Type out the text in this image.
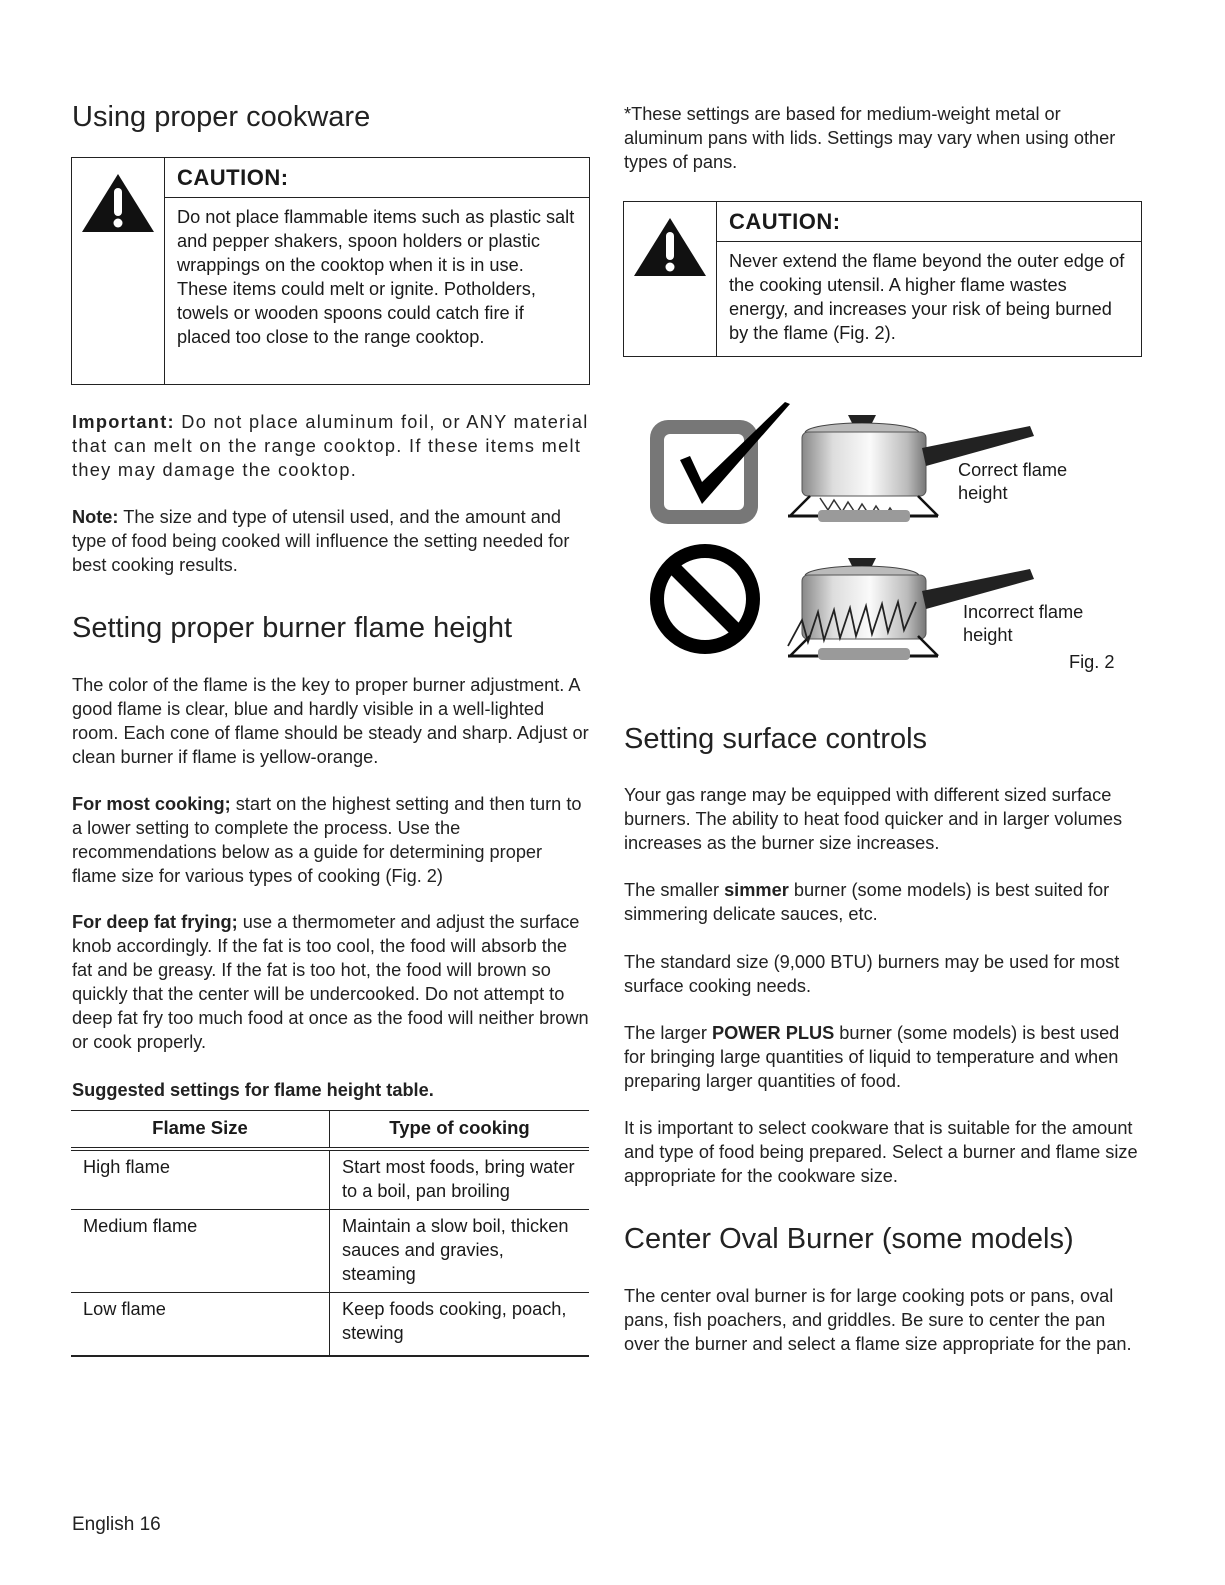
Using proper cookware
CAUTION:
Do not place flammable items such as plastic salt and pepper shakers, spoon holders or plastic wrappings on the cooktop when it is in use. These items could melt or ignite. Potholders, towels or wooden spoons could catch fire if placed too close to the range cooktop.

Important: Do not place aluminum foil, or ANY material that can melt on the range cooktop. If these items melt they may damage the cooktop.

Note: The size and type of utensil used, and the amount and type of food being cooked will influence the setting needed for best cooking results.

Setting proper burner flame height

The color of the flame is the key to proper burner adjustment. A good flame is clear, blue and hardly visible in a well-lighted room. Each cone of flame should be steady and sharp. Adjust or clean burner if flame is yellow-orange.

For most cooking; start on the highest setting and then turn to a lower setting to complete the process. Use the recommendations below as a guide for determining proper flame size for various types of cooking (Fig. 2)

For deep fat frying; use a thermometer and adjust the surface knob accordingly. If the fat is too cool, the food will absorb the fat and be greasy. If the fat is too hot, the food will brown so quickly that the center will be undercooked. Do not attempt to deep fat fry too much food at once as the food will neither brown or cook properly.

Suggested settings for flame height table.

Flame Size	Type of cooking
High flame	Start most foods, bring water to a boil, pan broiling
Medium flame	Maintain a slow boil, thicken sauces and gravies, steaming
Low flame	Keep foods cooking, poach, stewing

English 16

*These settings are based for medium-weight metal or aluminum pans with lids. Settings may vary when using other types of pans.

CAUTION:
Never extend the flame beyond the outer edge of the cooking utensil. A higher flame wastes energy, and increases your risk of being burned by the flame (Fig. 2).
Correct flame
height
Incorrect flame
height
Fig. 2
Setting surface controls

Your gas range may be equipped with different sized surface burners. The ability to heat food quicker and in larger volumes increases as the burner size increases.

The smaller simmer burner (some models) is best suited for simmering delicate sauces, etc.

The standard size (9,000 BTU) burners may be used for most surface cooking needs.

The larger POWER PLUS burner (some models) is best used for bringing large quantities of liquid to temperature and when preparing larger quantities of food.

It is important to select cookware that is suitable for the amount and type of food being prepared. Select a burner and flame size appropriate for the cookware size.

Center Oval Burner (some models)

The center oval burner is for large cooking pots or pans, oval pans, fish poachers, and griddles. Be sure to center the pan over the burner and select a flame size appropriate for the pan.
